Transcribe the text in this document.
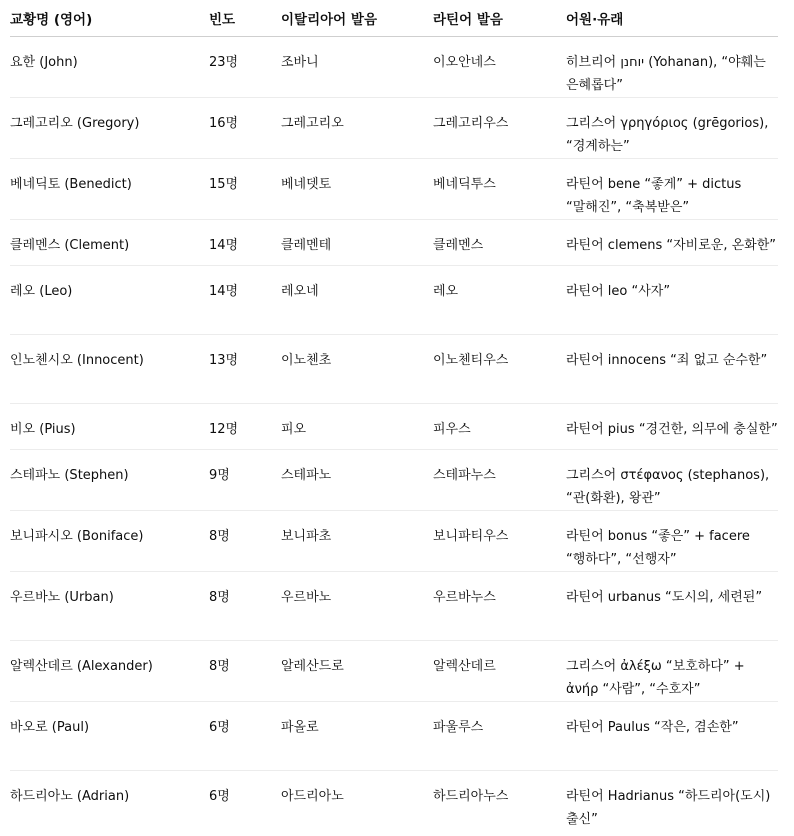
교황명 (영어)	빈도	이탈리아어 발음	라틴어 발음	어원·유래
요한 (John)	23명	조바니	이오안네스	히브리어 יוחנן (Yohanan), “야훼는 은혜롭다”
그레고리오 (Gregory)	16명	그레고리오	그레고리우스	그리스어 γρηγόριος (grēgorios), “경계하는”
베네딕토 (Benedict)	15명	베네뎃토	베네딕투스	라틴어 bene “좋게” + dictus “말해진”, “축복받은”
클레멘스 (Clement)	14명	클레멘테	클레멘스	라틴어 clemens “자비로운, 온화한”
레오 (Leo)	14명	레오네	레오	라틴어 leo “사자”
인노첸시오 (Innocent)	13명	이노첸초	이노첸티우스	라틴어 innocens “죄 없고 순수한”
비오 (Pius)	12명	피오	피우스	라틴어 pius “경건한, 의무에 충실한”
스테파노 (Stephen)	9명	스테파노	스테파누스	그리스어 στέφανος (stephanos), “관(화환), 왕관”
보니파시오 (Boniface)	8명	보니파초	보니파티우스	라틴어 bonus “좋은” + facere “행하다”, “선행자”
우르바노 (Urban)	8명	우르바노	우르바누스	라틴어 urbanus “도시의, 세련된”
알렉산데르 (Alexander)	8명	알레산드로	알렉산데르	그리스어 ἀλέξω “보호하다” + ἀνήρ “사람”, “수호자”
바오로 (Paul)	6명	파올로	파울루스	라틴어 Paulus “작은, 겸손한”
하드리아노 (Adrian)	6명	아드리아노	하드리아누스	라틴어 Hadrianus “하드리아(도시) 출신”
